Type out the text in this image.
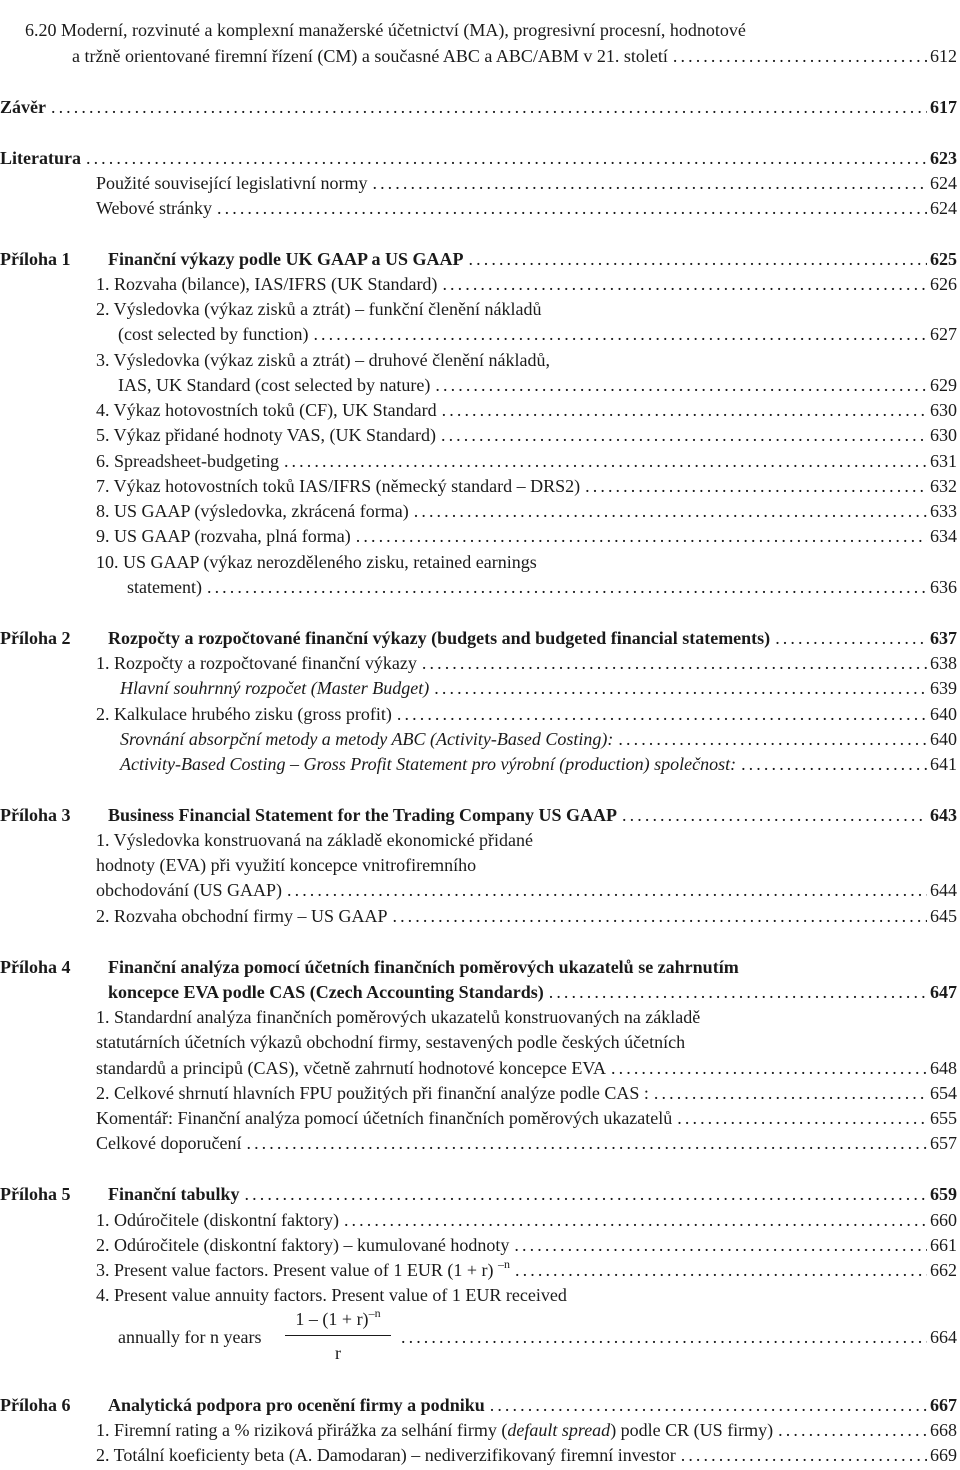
6.20 Moderní, rozvinuté a komplexní manažerské účetnictví (MA), progresivní procesní, hodnotové
a tržně orientované firemní řízení (CM) a současné ABC a ABC/ABM v 21. století .....	612
Závěr .....	617
Literatura .....	623
Použité související legislativní normy .....	624
Webové stránky .....	624
Příloha 1 Finanční výkazy podle UK GAAP a US GAAP .....	625
1. Rozvaha (bilance), IAS/IFRS (UK Standard) .....	626
2. Výsledovka (výkaz zisků a ztrát) – funkční členění nákladů
(cost selected by function) .....	627
3. Výsledovka (výkaz zisků a ztrát) – druhové členění nákladů,
IAS, UK Standard (cost selected by nature) .....	629
4. Výkaz hotovostních toků (CF), UK Standard .....	630
5. Výkaz přidané hodnoty VAS, (UK Standard) .....	630
6. Spreadsheet-budgeting .....	631
7. Výkaz hotovostních toků IAS/IFRS (německý standard – DRS2) .....	632
8. US GAAP (výsledovka, zkrácená forma) .....	633
9. US GAAP (rozvaha, plná forma) .....	634
10. US GAAP (výkaz nerozděleného zisku, retained earnings
statement) .....	636
Příloha 2 Rozpočty a rozpočtované finanční výkazy (budgets and budgeted financial statements) .....	637
1. Rozpočty a rozpočtované finanční výkazy .....	638
Hlavní souhrnný rozpočet (Master Budget) .....	639
2. Kalkulace hrubého zisku (gross profit) .....	640
Srovnání absorpční metody a metody ABC (Activity-Based Costing): .....	640
Activity-Based Costing – Gross Profit Statement pro výrobní (production) společnost: .....	641
Příloha 3 Business Financial Statement for the Trading Company US GAAP .....	643
1. Výsledovka konstruovaná na základě ekonomické přidané
hodnoty (EVA) při využití koncepce vnitrofiremního
obchodování (US GAAP) .....	644
2. Rozvaha obchodní firmy – US GAAP .....	645
Příloha 4 Finanční analýza pomocí účetních finančních poměrových ukazatelů se zahrnutím
koncepce EVA podle CAS (Czech Accounting Standards) .....	647
1. Standardní analýza finančních poměrových ukazatelů konstruovaných na základě
statutárních účetních výkazů obchodní firmy, sestavených podle českých účetních
standardů a principů (CAS), včetně zahrnutí hodnotové koncepce EVA .....	648
2. Celkové shrnutí hlavních FPU použitých při finanční analýze podle CAS : .....	654
Komentář: Finanční analýza pomocí účetních finančních poměrových ukazatelů .....	655
Celkové doporučení .....	657
Příloha 5 Finanční tabulky .....	659
1. Odúročitele (diskontní faktory) .....	660
2. Odúročitele (diskontní faktory) – kumulované hodnoty .....	661
3. Present value factors. Present value of 1 EUR (1 + r) $^{-n}$ .....	662
4. Present value annuity factors. Present value of 1 EUR received
$\frac{1 - (1 + r)^{-n}}{r}$
annually for n years .....	664
Příloha 6 Analytická podpora pro ocenění firmy a podniku .....	667
1. Firemní rating a % riziková přirážka za selhání firmy (default spread) podle CR (US firmy) .....	668
2. Totální koeficienty beta (A. Damodaran) – nediverzifikovaný firemní investor .....	669
